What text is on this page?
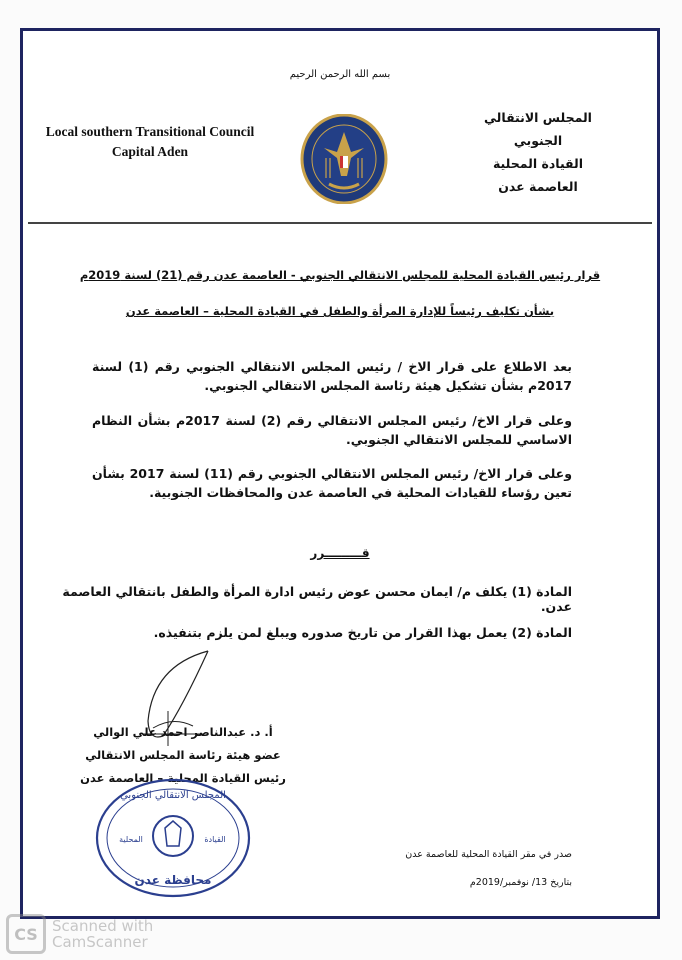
بسم الله الرحمن الرحيم
Local southern Transitional Council
Capital Aden
المجلس الانتقالي الجنوبي
القيادة المحلية
العاصمة عدن
قرار رئيس القيادة المحلية للمجلس الانتقالي الجنوبي - العاصمة عدن رقم (21) لسنة 2019م
بشأن تكليف رئيساً للإدارة المرأة والطفل في القيادة المحلية – العاصمة عدن

بعد الاطلاع على قرار الاخ / رئيس المجلس الانتقالي الجنوبي رقم (1) لسنة 2017م بشأن تشكيل هيئة رئاسة المجلس الانتقالي الجنوبي.

وعلى قرار الاخ/ رئيس المجلس الانتقالي رقم (2) لسنة 2017م بشأن النظام الاساسي للمجلس الانتقالي الجنوبي.

وعلى قرار الاخ/ رئيس المجلس الانتقالي الجنوبي رقم (11) لسنة 2017 بشأن تعين رؤساء للقيادات المحلية في العاصمة عدن والمحافظات الجنوبية.

قـــــــــرر
المادة (1) يكلف م/ ايمان محسن عوض رئيس ادارة المرأة والطفل بانتقالي العاصمة عدن.
المادة (2) يعمل بهذا القرار من تاريخ صدوره ويبلغ لمن يلزم بتنفيذه.
أ. د. عبدالناصر احمد علي الوالي
عضو هيئة رئاسة المجلس الانتقالي
رئيس القيادة المحلية – العاصمة عدن
المجلس الانتقالي الجنوبي
المحلية	القيادة
محافظة عدن
صدر في مقر القيادة المحلية للعاصمة عدن
بتاريخ 13/ نوفمبر/2019م
CS Scanned with
CamScanner
